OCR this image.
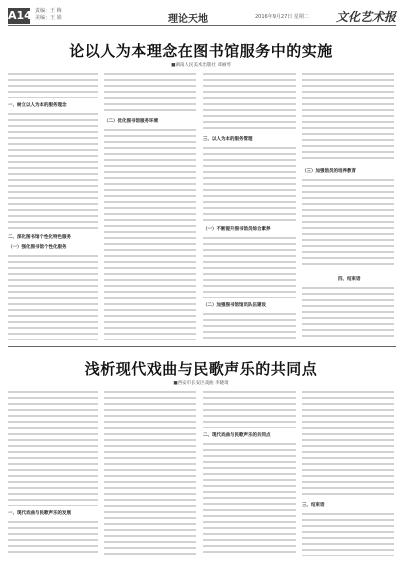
A14 责编：王 梅
美编：王 娟	理论天地	2016年9月27日 星期二 文化艺术报
论以人为本理念在图书馆服务中的实施
■湖南人民美术出版社 邓丽琴
一、树立以人为本的服务理念
二、深化图书馆个性化特色服务
（一）强化图书馆个性化服务
（二）优化图书馆服务环境
三、以人为本的服务管理
（一）不断提升图书馆员综合素养
（二）加强图书馆馆员队伍建设
（三）加强馆员的培养教育
四、结束语
浅析现代戏曲与民歌声乐的共同点
■西安市长安区戏曲 李晓琦
一、现代戏曲与民歌声乐的发展
二、现代戏曲与民歌声乐的共同点
三、结束语
